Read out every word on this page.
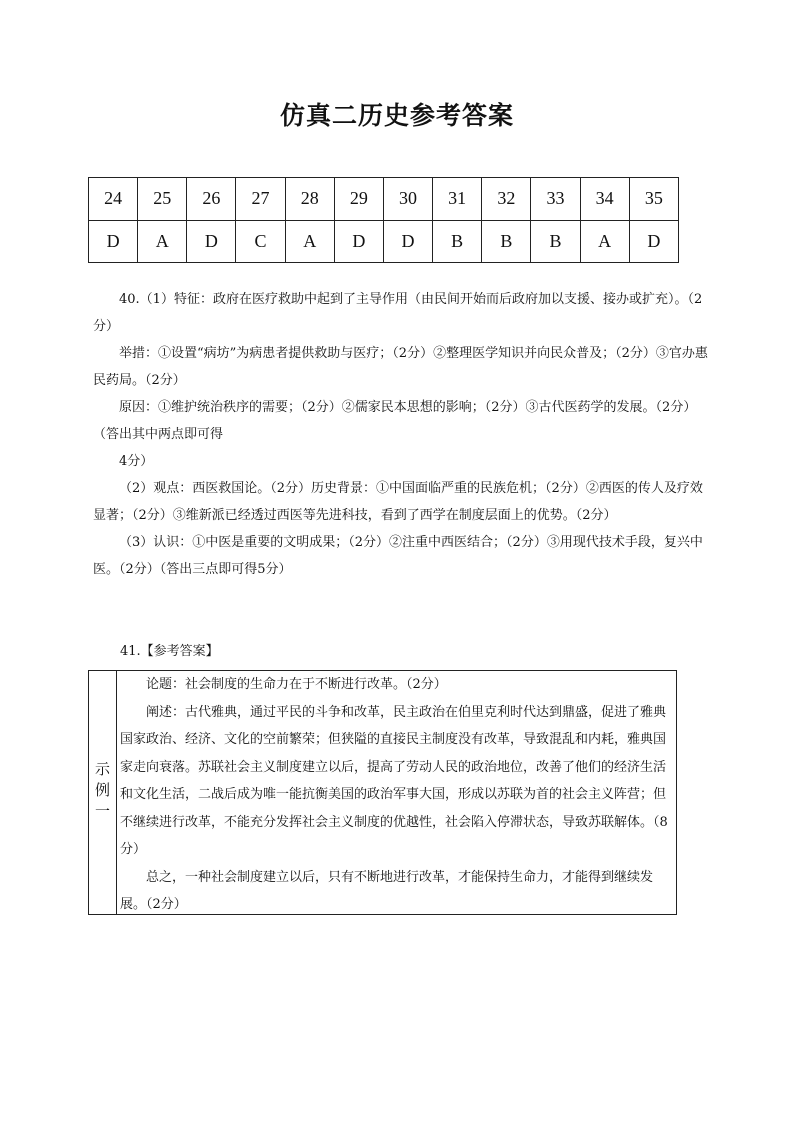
仿真二历史参考答案
24	25	26	27	28	29	30	31	32	33	34	35
D	A	D	C	A	D	D	B	B	B	A	D

40.（1）特征：政府在医疗救助中起到了主导作用（由民间开始而后政府加以支援、接办或扩充）。（2分）

举措：①设置“病坊”为病患者提供救助与医疗；（2分）②整理医学知识并向民众普及；（2分）③官办惠民药局。（2分）

原因：①维护统治秩序的需要；（2分）②儒家民本思想的影响；（2分）③古代医药学的发展。（2分）（答出其中两点即可得

4分）

（2）观点：西医救国论。（2分）历史背景：①中国面临严重的民族危机；（2分）②西医的传人及疗效显著；（2分）③维新派已经透过西医等先进科技，看到了西学在制度层面上的优势。（2分）

（3）认识：①中医是重要的文明成果；（2分）②注重中西医结合；（2分）③用现代技术手段，复兴中医。（2分）（答出三点即可得5分）

41.【参考答案】
示例一

论题：社会制度的生命力在于不断进行改革。（2分）

阐述：古代雅典，通过平民的斗争和改革，民主政治在伯里克利时代达到鼎盛，促进了雅典国家政治、经济、文化的空前繁荣；但狭隘的直接民主制度没有改革，导致混乱和内耗，雅典国家走向衰落。苏联社会主义制度建立以后，提高了劳动人民的政治地位，改善了他们的经济生活和文化生活，二战后成为唯一能抗衡美国的政治军事大国，形成以苏联为首的社会主义阵营；但不继续进行改革，不能充分发挥社会主义制度的优越性，社会陷入停滞状态，导致苏联解体。（8分）

总之，一种社会制度建立以后，只有不断地进行改革，才能保持生命力，才能得到继续发展。（2分）
